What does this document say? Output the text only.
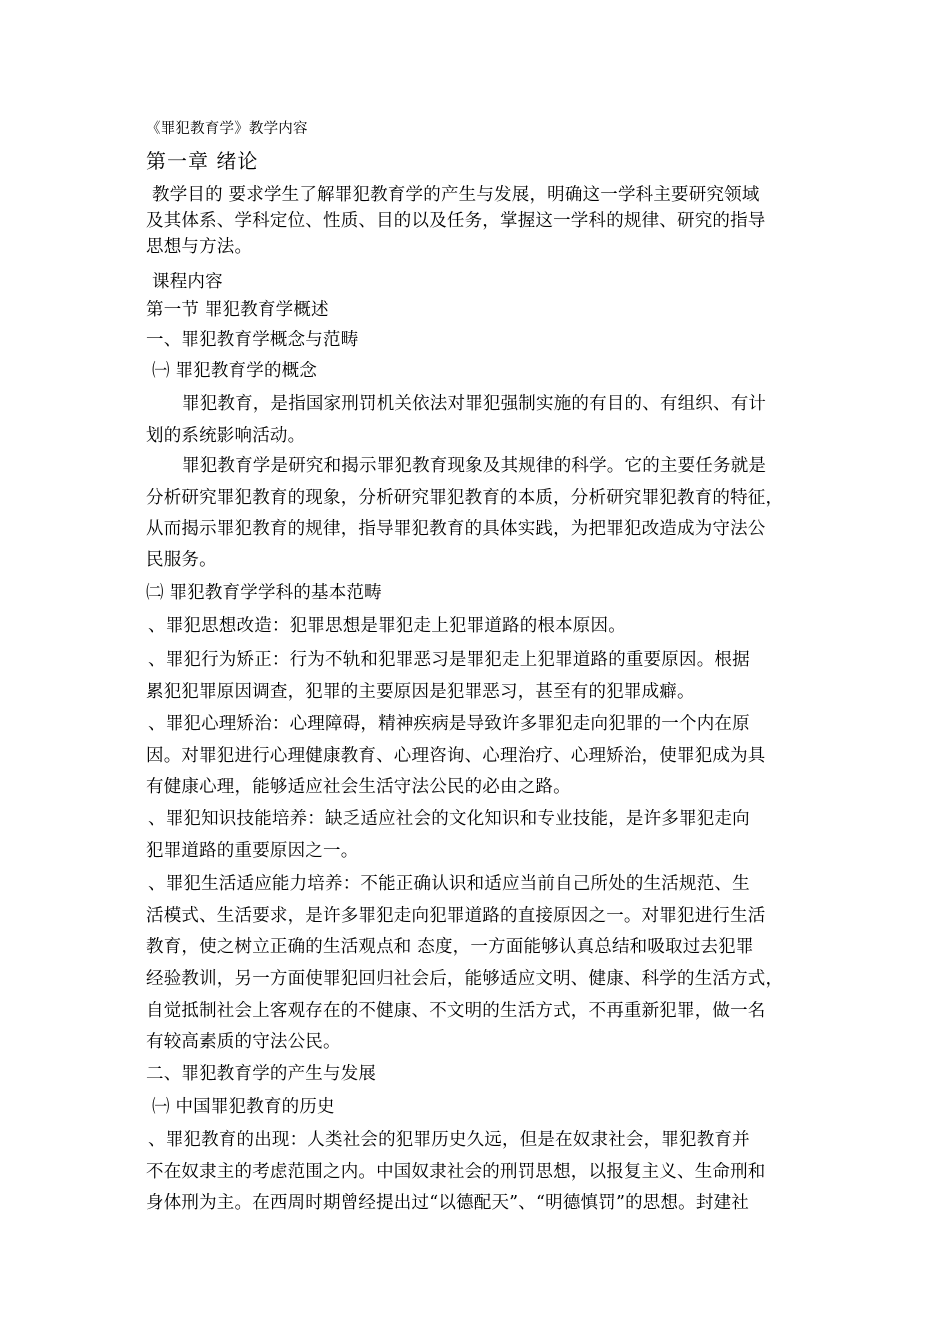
《罪犯教育学》教学内容
第一章 绪论
教学目的 要求学生了解罪犯教育学的产生与发展，明确这一学科主要研究领域
及其体系、学科定位、性质、目的以及任务，掌握这一学科的规律、研究的指导
思想与方法。
课程内容
第一节 罪犯教育学概述
一、罪犯教育学概念与范畴
㈠ 罪犯教育学的概念
罪犯教育，是指国家刑罚机关依法对罪犯强制实施的有目的、有组织、有计
划的系统影响活动。
罪犯教育学是研究和揭示罪犯教育现象及其规律的科学。它的主要任务就是
分析研究罪犯教育的现象，分析研究罪犯教育的本质，分析研究罪犯教育的特征，
从而揭示罪犯教育的规律，指导罪犯教育的具体实践，为把罪犯改造成为守法公
民服务。
㈡ 罪犯教育学学科的基本范畴
、罪犯思想改造：犯罪思想是罪犯走上犯罪道路的根本原因。
、罪犯行为矫正：行为不轨和犯罪恶习是罪犯走上犯罪道路的重要原因。根据
累犯犯罪原因调查，犯罪的主要原因是犯罪恶习，甚至有的犯罪成癖。
、罪犯心理矫治：心理障碍，精神疾病是导致许多罪犯走向犯罪的一个内在原
因。对罪犯进行心理健康教育、心理咨询、心理治疗、心理矫治，使罪犯成为具
有健康心理，能够适应社会生活守法公民的必由之路。
、罪犯知识技能培养：缺乏适应社会的文化知识和专业技能，是许多罪犯走向
犯罪道路的重要原因之一。
、罪犯生活适应能力培养：不能正确认识和适应当前自己所处的生活规范、生
活模式、生活要求，是许多罪犯走向犯罪道路的直接原因之一。对罪犯进行生活
教育，使之树立正确的生活观点和 态度，一方面能够认真总结和吸取过去犯罪
经验教训，另一方面使罪犯回归社会后，能够适应文明、健康、科学的生活方式，
自觉抵制社会上客观存在的不健康、不文明的生活方式，不再重新犯罪，做一名
有较高素质的守法公民。
二、罪犯教育学的产生与发展
㈠ 中国罪犯教育的历史
、罪犯教育的出现：人类社会的犯罪历史久远，但是在奴隶社会，罪犯教育并
不在奴隶主的考虑范围之内。中国奴隶社会的刑罚思想，以报复主义、生命刑和
身体刑为主。在西周时期曾经提出过“以德配天”、“明德慎罚”的思想。封建社
